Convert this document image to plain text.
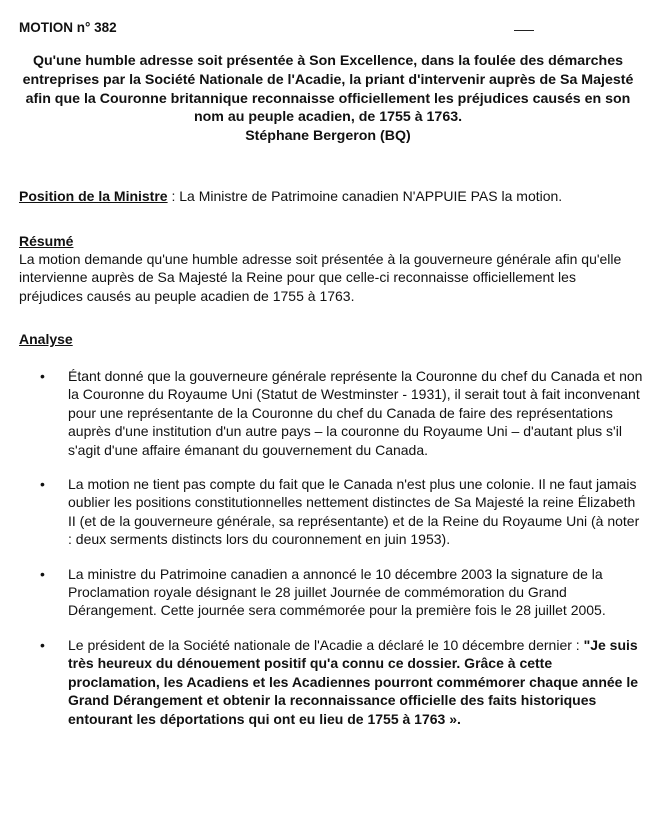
MOTION n° 382
Qu'une humble adresse soit présentée à Son Excellence, dans la foulée des démarches entreprises par la Société Nationale de l'Acadie, la priant d'intervenir auprès de Sa Majesté afin que la Couronne britannique reconnaisse officiellement les préjudices causés en son nom au peuple acadien, de 1755 à 1763.
Stéphane Bergeron (BQ)
Position de la Ministre : La Ministre de Patrimoine canadien N'APPUIE PAS la motion.
Résumé
La motion demande qu'une humble adresse soit présentée à la gouverneure générale afin qu'elle intervienne auprès de Sa Majesté la Reine pour que celle-ci reconnaisse officiellement les préjudices causés au peuple acadien de 1755 à 1763.
Analyse
• Étant donné que la gouverneure générale représente la Couronne du chef du Canada et non la Couronne du Royaume Uni (Statut de Westminster - 1931), il serait tout à fait inconvenant pour une représentante de la Couronne du chef du Canada de faire des représentations auprès d'une institution d'un autre pays – la couronne du Royaume Uni – d'autant plus s'il s'agit d'une affaire émanant du gouvernement du Canada.
• La motion ne tient pas compte du fait que le Canada n'est plus une colonie. Il ne faut jamais oublier les positions constitutionnelles nettement distinctes de Sa Majesté la reine Élizabeth II (et de la gouverneure générale, sa représentante) et de la Reine du Royaume Uni (à noter : deux serments distincts lors du couronnement en juin 1953).
• La ministre du Patrimoine canadien a annoncé le 10 décembre 2003 la signature de la Proclamation royale désignant le 28 juillet Journée de commémoration du Grand Dérangement. Cette journée sera commémorée pour la première fois le 28 juillet 2005.
• Le président de la Société nationale de l'Acadie a déclaré le 10 décembre dernier : "Je suis très heureux du dénouement positif qu'a connu ce dossier. Grâce à cette proclamation, les Acadiens et les Acadiennes pourront commémorer chaque année le Grand Dérangement et obtenir la reconnaissance officielle des faits historiques entourant les déportations qui ont eu lieu de 1755 à 1763 ».
